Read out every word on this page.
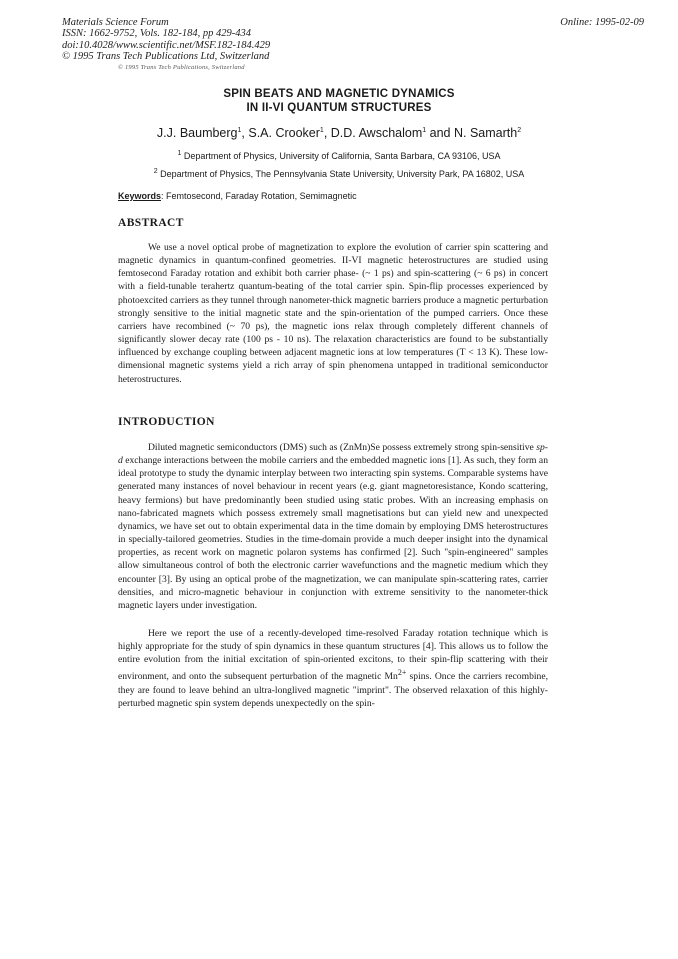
Materials Science Forum
ISSN: 1662-9752, Vols. 182-184, pp 429-434
doi:10.4028/www.scientific.net/MSF.182-184.429
© 1995 Trans Tech Publications Ltd, Switzerland
Online: 1995-02-09
© 1995 Trans Tech Publications, Switzerland
SPIN BEATS AND MAGNETIC DYNAMICS
IN II-VI QUANTUM STRUCTURES
J.J. Baumberg$^1$, S.A. Crooker$^1$, D.D. Awschalom$^1$ and N. Samarth$^2$
$^1$ Department of Physics, University of California, Santa Barbara, CA 93106, USA
$^2$ Department of Physics, The Pennsylvania State University, University Park, PA 16802, USA
Keywords: Femtosecond, Faraday Rotation, Semimagnetic
ABSTRACT

We use a novel optical probe of magnetization to explore the evolution of carrier spin scattering and magnetic dynamics in quantum-confined geometries. II-VI magnetic heterostructures are studied using femtosecond Faraday rotation and exhibit both carrier phase- (~ 1 ps) and spin-scattering (~ 6 ps) in concert with a field-tunable terahertz quantum-beating of the total carrier spin. Spin-flip processes experienced by photoexcited carriers as they tunnel through nanometer-thick magnetic barriers produce a magnetic perturbation strongly sensitive to the initial magnetic state and the spin-orientation of the pumped carriers. Once these carriers have recombined (~ 70 ps), the magnetic ions relax through completely different channels of significantly slower decay rate (100 ps - 10 ns). The relaxation characteristics are found to be substantially influenced by exchange coupling between adjacent magnetic ions at low temperatures (T < 13 K). These low-dimensional magnetic systems yield a rich array of spin phenomena untapped in traditional semiconductor heterostructures.

INTRODUCTION

Diluted magnetic semiconductors (DMS) such as (ZnMn)Se possess extremely strong spin-sensitive sp-d exchange interactions between the mobile carriers and the embedded magnetic ions [1]. As such, they form an ideal prototype to study the dynamic interplay between two interacting spin systems. Comparable systems have generated many instances of novel behaviour in recent years (e.g. giant magnetoresistance, Kondo scattering, heavy fermions) but have predominantly been studied using static probes. With an increasing emphasis on nano-fabricated magnets which possess extremely small magnetisations but can yield new and unexpected dynamics, we have set out to obtain experimental data in the time domain by employing DMS heterostructures in specially-tailored geometries. Studies in the time-domain provide a much deeper insight into the dynamical properties, as recent work on magnetic polaron systems has confirmed [2]. Such "spin-engineered" samples allow simultaneous control of both the electronic carrier wavefunctions and the magnetic medium which they encounter [3]. By using an optical probe of the magnetization, we can manipulate spin-scattering rates, carrier densities, and micro-magnetic behaviour in conjunction with extreme sensitivity to the nanometer-thick magnetic layers under investigation.

Here we report the use of a recently-developed time-resolved Faraday rotation technique which is highly appropriate for the study of spin dynamics in these quantum structures [4]. This allows us to follow the entire evolution from the initial excitation of spin-oriented excitons, to their spin-flip scattering with their environment, and onto the subsequent perturbation of the magnetic $Mn^{2+}$ spins. Once the carriers recombine, they are found to leave behind an ultra-longlived magnetic "imprint". The observed relaxation of this highly-perturbed magnetic spin system depends unexpectedly on the spin-
